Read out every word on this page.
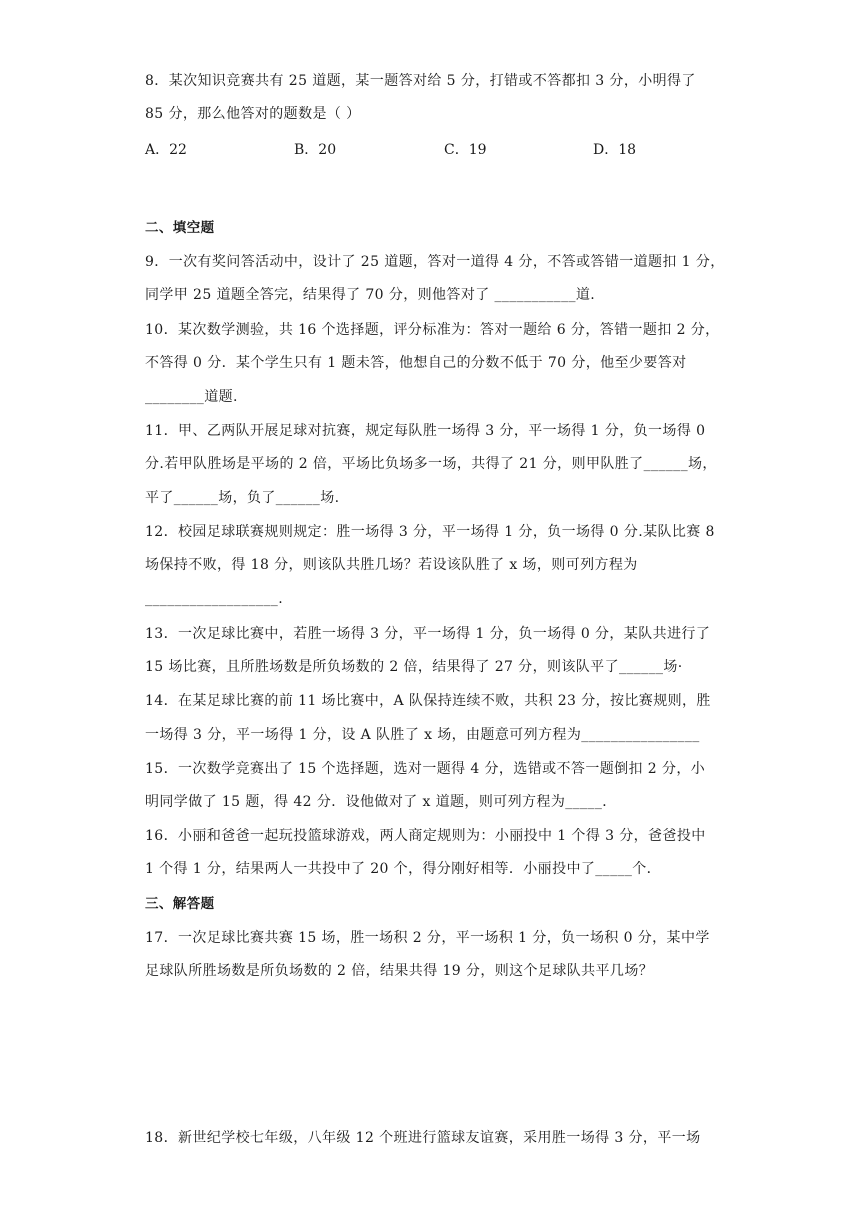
8．某次知识竞赛共有 25 道题，某一题答对给 5 分，打错或不答都扣 3 分，小明得了
85 分，那么他答对的题数是（ ）
A．22	B．20	C．19	D．18
二、填空题
9．一次有奖问答活动中，设计了 25 道题，答对一道得 4 分，不答或答错一道题扣 1 分，
同学甲 25 道题全答完，结果得了 70 分，则他答对了 ___________道.
10．某次数学测验，共 16 个选择题，评分标准为：答对一题给 6 分，答错一题扣 2 分，
不答得 0 分．某个学生只有 1 题未答，他想自己的分数不低于 70 分，他至少要答对
________道题.
11．甲、乙两队开展足球对抗赛，规定每队胜一场得 3 分，平一场得 1 分，负一场得 0
分.若甲队胜场是平场的 2 倍，平场比负场多一场，共得了 21 分，则甲队胜了______场，
平了______场，负了______场.
12．校园足球联赛规则规定：胜一场得 3 分，平一场得 1 分，负一场得 0 分.某队比赛 8
场保持不败，得 18 分，则该队共胜几场？若设该队胜了 x 场，则可列方程为
__________________.
13．一次足球比赛中，若胜一场得 3 分，平一场得 1 分，负一场得 0 分，某队共进行了
15 场比赛，且所胜场数是所负场数的 2 倍，结果得了 27 分，则该队平了______场·
14．在某足球比赛的前 11 场比赛中，A 队保持连续不败，共积 23 分，按比赛规则，胜
一场得 3 分，平一场得 1 分，设 A 队胜了 x 场，由题意可列方程为________________
15．一次数学竞赛出了 15 个选择题，选对一题得 4 分，选错或不答一题倒扣 2 分，小
明同学做了 15 题，得 42 分．设他做对了 x 道题，则可列方程为_____．
16．小丽和爸爸一起玩投篮球游戏，两人商定规则为：小丽投中 1 个得 3 分，爸爸投中
1 个得 1 分，结果两人一共投中了 20 个，得分刚好相等．小丽投中了_____个．
三、解答题
17．一次足球比赛共赛 15 场，胜一场积 2 分，平一场积 1 分，负一场积 0 分，某中学
足球队所胜场数是所负场数的 2 倍，结果共得 19 分，则这个足球队共平几场？
18．新世纪学校七年级，八年级 12 个班进行篮球友谊赛，采用胜一场得 3 分，平一场
